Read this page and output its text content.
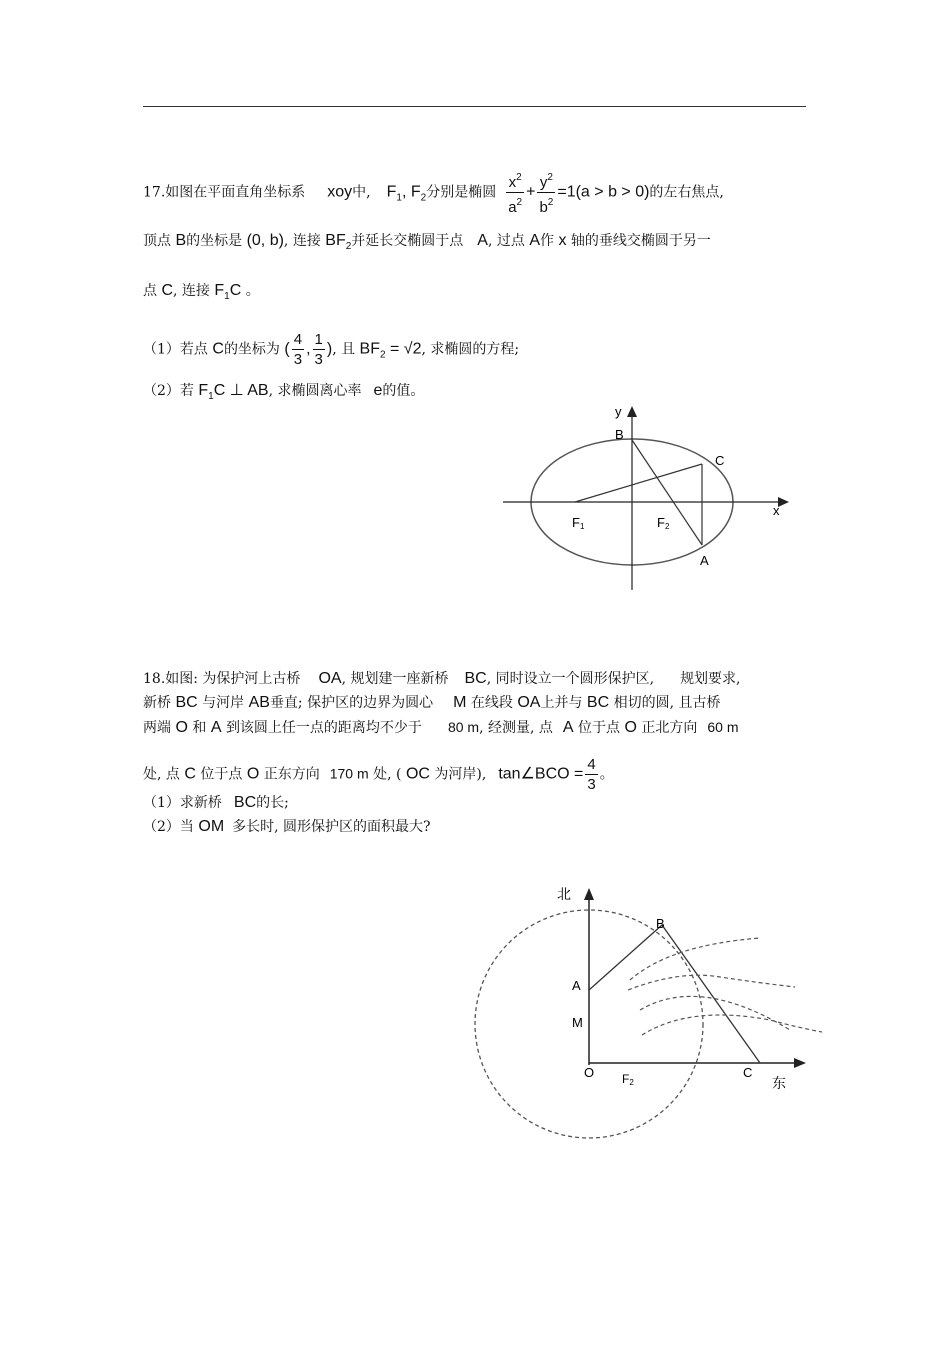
17.如图在平面直角坐标系 xoy中, $F_1$, $F_2$分别是椭圆 $\frac{x^2}{a^2} + \frac{y^2}{b^2} =1(a > b > 0)$的左右焦点,
顶点 B的坐标是 (0, b), 连接 $BF_2$并延长交椭圆于点 A, 过点 A作 x 轴的垂线交椭圆于另一
点 C, 连接 $F_1C$ 。
（1）若点 C的坐标为 ( $\frac{4}{3}$ , $\frac{1}{3}$ ), 且 $BF_2 = √2$, 求椭圆的方程;
（2）若 $F_1C$ ⊥ AB, 求椭圆离心率 e的值。
y
B
C
x
F1	F2
A
18.如图: 为保护河上古桥 OA, 规划建一座新桥 BC, 同时设立一个圆形保护区, 规划要求,
新桥 BC 与河岸 AB垂直; 保护区的边界为圆心 M 在线段 OA上并与 BC 相切的圆, 且古桥
两端 O 和 A 到该圆上任一点的距离均不少于 80 m, 经测量, 点 A 位于点 O 正北方向 60 m
处, 点 C 位于点 O 正东方向 170 m 处, ( OC 为河岸), tan∠BCO = $\frac{4}{3}$ 。
（1）求新桥 BC的长;
（2）当 OM 多长时, 圆形保护区的面积最大?
北
B
A
M
O F2
C
东
